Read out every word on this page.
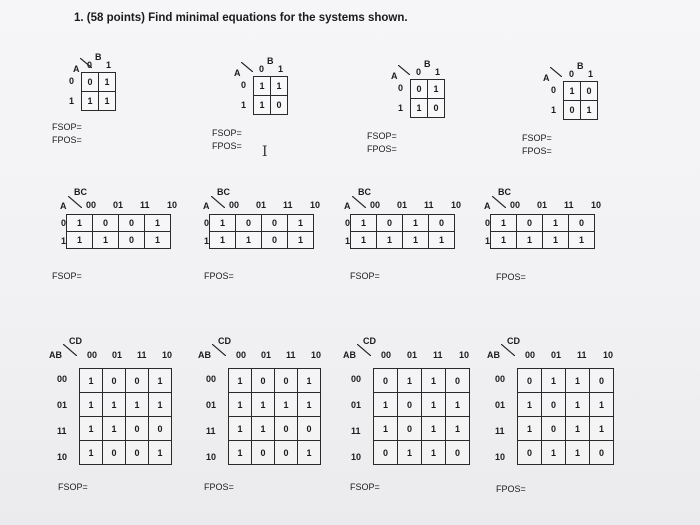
1. (58 points) Find minimal equations for the systems shown.
I
0	1
1	1
B
A 0 1
0
1
FSOP=
FPOS=
1	1
1	0
B
A 0 1
0
1
FSOP=
FPOS=
0	1
1	0
B
A 0 1
0
1
FSOP=
FPOS=
1	0
0	1
B
A 0 1
0
1
FSOP=
FPOS=
1	0	0	1
1	1	0	1
BC
A 00 01 11 10
0
1
FSOP=
1	0	0	1
1	1	0	1
BC
A 00 01 11 10
0
1
FPOS=
1	0	1	0
1	1	1	1
BC
A 00 01 11 10
0
1
FSOP=
1	0	1	0
1	1	1	1
BC
A 00 01 11 10
0
1
FPOS=
1	0	0	1
1	1	1	1
1	1	0	0
1	0	0	1
CD
AB	00 01 11 10
00
01
11
10
FSOP=
1	0	0	1
1	1	1	1
1	1	0	0
1	0	0	1
CD
AB	00 01 11 10
00
01
11
10
FPOS=
0	1	1	0
1	0	1	1
1	0	1	1
0	1	1	0
CD
AB	00 01 11 10
00
01
11
10
FSOP=
0	1	1	0
1	0	1	1
1	0	1	1
0	1	1	0
CD
AB	00 01 11 10
00
01
11
10
FPOS=
